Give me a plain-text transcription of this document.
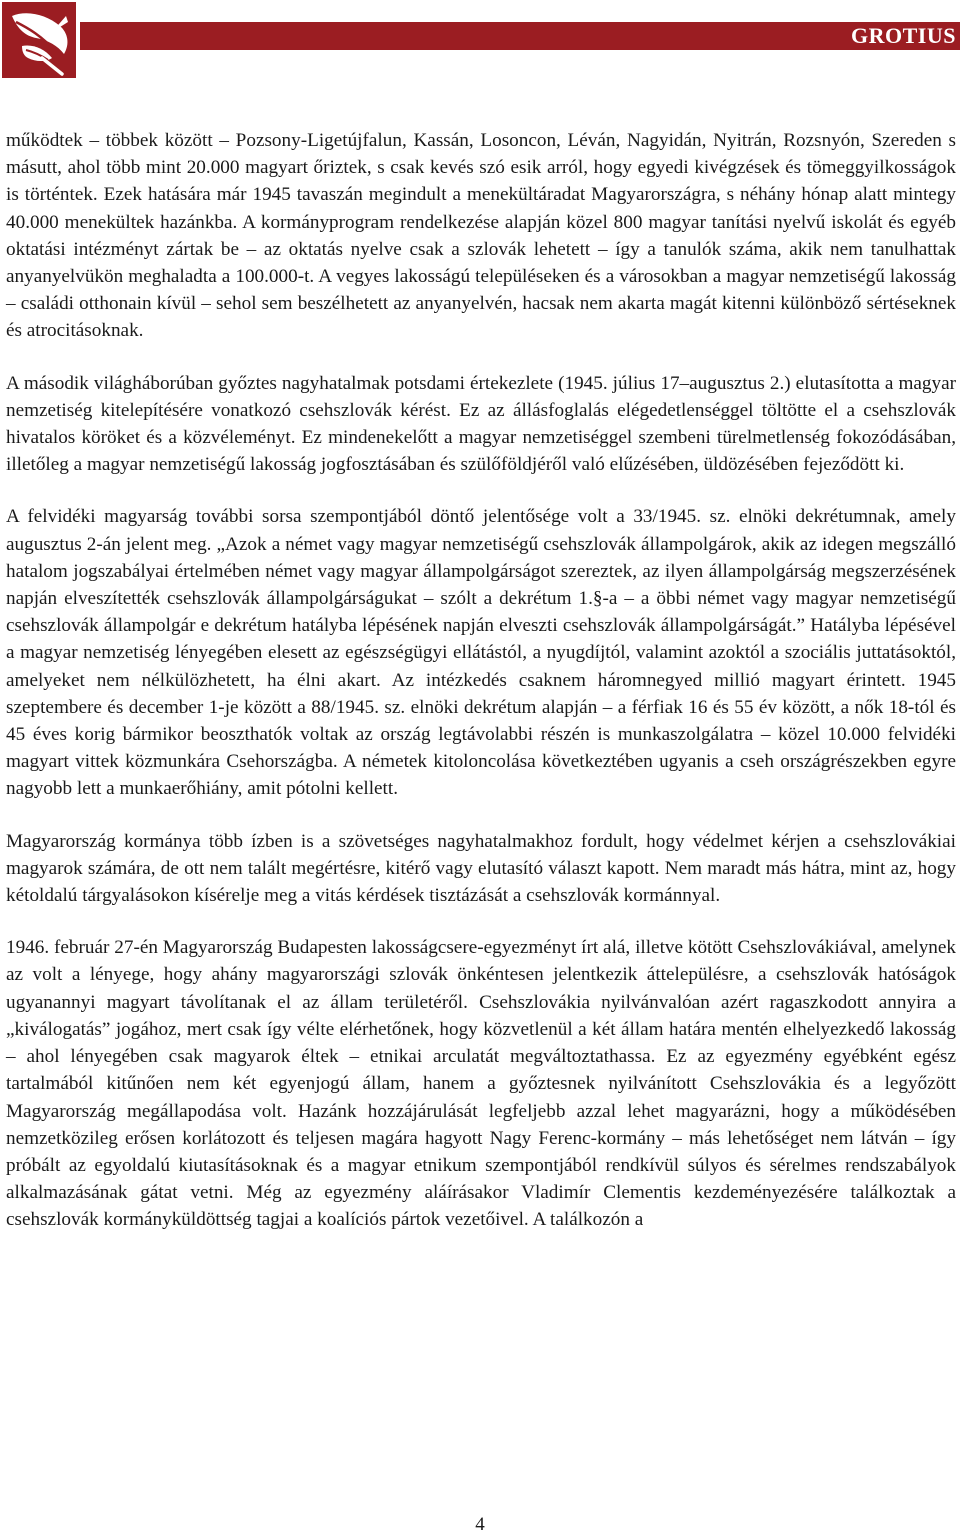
GROTIUS

működtek – többek között – Pozsony-Ligetújfalun, Kassán, Losoncon, Léván, Nagyidán, Nyitrán, Rozsnyón, Szereden s másutt, ahol több mint 20.000 magyart őriztek, s csak kevés szó esik arról, hogy egyedi kivégzések és tömeggyilkosságok is történtek. Ezek hatására már 1945 tavaszán megindult a menekültáradat Magyarországra, s néhány hónap alatt mintegy 40.000 menekültek hazánkba. A kormányprogram rendelkezése alapján közel 800 magyar tanítási nyelvű iskolát és egyéb oktatási intézményt zártak be – az oktatás nyelve csak a szlovák lehetett – így a tanulók száma, akik nem tanulhattak anyanyelvükön meghaladta a 100.000-t. A vegyes lakosságú településeken és a városokban a magyar nemzetiségű lakosság – családi otthonain kívül – sehol sem beszélhetett az anyanyelvén, hacsak nem akarta magát kitenni különböző sértéseknek és atrocitásoknak.

A második világháborúban győztes nagyhatalmak potsdami értekezlete (1945. július 17–augusztus 2.) elutasította a magyar nemzetiség kitelepítésére vonatkozó csehszlovák kérést. Ez az állásfoglalás elégedetlenséggel töltötte el a csehszlovák hivatalos köröket és a közvéleményt. Ez mindenekelőtt a magyar nemzetiséggel szembeni türelmetlenség fokozódásában, illetőleg a magyar nemzetiségű lakosság jogfosztásában és szülőföldjéről való elűzésében, üldözésében fejeződött ki.

A felvidéki magyarság további sorsa szempontjából döntő jelentősége volt a 33/1945. sz. elnöki dekrétumnak, amely augusztus 2-án jelent meg. „Azok a német vagy magyar nemzetiségű csehszlovák állampolgárok, akik az idegen megszálló hatalom jogszabályai értelmében német vagy magyar állampolgárságot szereztek, az ilyen állampolgárság megszerzésének napján elveszítették csehszlovák állampolgárságukat – szólt a dekrétum 1.§-a – a öbbi német vagy magyar nemzetiségű csehszlovák állampolgár e dekrétum hatályba lépésének napján elveszti csehszlovák állampolgárságát.” Hatályba lépésével a magyar nemzetiség lényegében elesett az egészségügyi ellátástól, a nyugdíjtól, valamint azoktól a szociális juttatásoktól, amelyeket nem nélkülözhetett, ha élni akart. Az intézkedés csaknem háromnegyed millió magyart érintett. 1945 szeptembere és december 1-je között a 88/1945. sz. elnöki dekrétum alapján – a férfiak 16 és 55 év között, a nők 18-tól és 45 éves korig bármikor beoszthatók voltak az ország legtávolabbi részén is munkaszolgálatra – közel 10.000 felvidéki magyart vittek közmunkára Csehországba. A németek kitoloncolása következtében ugyanis a cseh országrészekben egyre nagyobb lett a munkaerőhiány, amit pótolni kellett.

Magyarország kormánya több ízben is a szövetséges nagyhatalmakhoz fordult, hogy védelmet kérjen a csehszlovákiai magyarok számára, de ott nem talált megértésre, kitérő vagy elutasító választ kapott. Nem maradt más hátra, mint az, hogy kétoldalú tárgyalásokon kísérelje meg a vitás kérdések tisztázását a csehszlovák kormánnyal.

1946. február 27-én Magyarország Budapesten lakosságcsere-egyezményt írt alá, illetve kötött Csehszlovákiával, amelynek az volt a lényege, hogy ahány magyarországi szlovák önkéntesen jelentkezik áttelepülésre, a csehszlovák hatóságok ugyanannyi magyart távolítanak el az állam területéről. Csehszlovákia nyilvánvalóan azért ragaszkodott annyira a „kiválogatás” jogához, mert csak így vélte elérhetőnek, hogy közvetlenül a két állam határa mentén elhelyezkedő lakosság – ahol lényegében csak magyarok éltek – etnikai arculatát megváltoztathassa. Ez az egyezmény egyébként egész tartalmából kitűnően nem két egyenjogú állam, hanem a győztesnek nyilvánított Csehszlovákia és a legyőzött Magyarország megállapodása volt. Hazánk hozzájárulását legfeljebb azzal lehet magyarázni, hogy a működésében nemzetközileg erősen korlátozott és teljesen magára hagyott Nagy Ferenc-kormány – más lehetőséget nem látván – így próbált az egyoldalú kiutasításoknak és a magyar etnikum szempontjából rendkívül súlyos és sérelmes rendszabályok alkalmazásának gátat vetni. Még az egyezmény aláírásakor Vladimír Clementis kezdeményezésére találkoztak a csehszlovák kormányküldöttség tagjai a koalíciós pártok vezetőivel. A találkozón a

4
